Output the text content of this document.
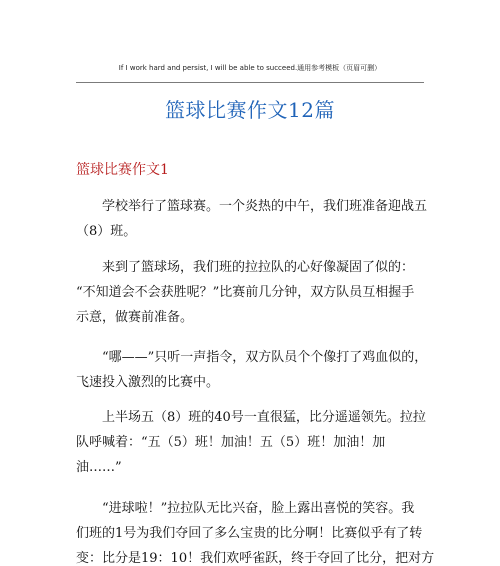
If I work hard and persist, I will be able to succeed.通用参考模板（页眉可删）
篮球比赛作文12篇
篮球比赛作文1
　　学校举行了篮球赛。一个炎热的中午，我们班准备迎战五
（8）班。
　　来到了篮球场，我们班的拉拉队的心好像凝固了似的：
“不知道会不会获胜呢？”比赛前几分钟，双方队员互相握手
示意，做赛前准备。
　　“哪——”只听一声指令，双方队员个个像打了鸡血似的，
飞速投入激烈的比赛中。
　　上半场五（8）班的40号一直很猛，比分遥遥领先。拉拉
队呼喊着：“五（5）班！加油！五（5）班！加油！加
油……”
　　“进球啦！”拉拉队无比兴奋，脸上露出喜悦的笑容。我
们班的1号为我们夺回了多么宝贵的比分啊！比赛似乎有了转
变：比分是19：10！我们欢呼雀跃，终于夺回了比分，把对方
